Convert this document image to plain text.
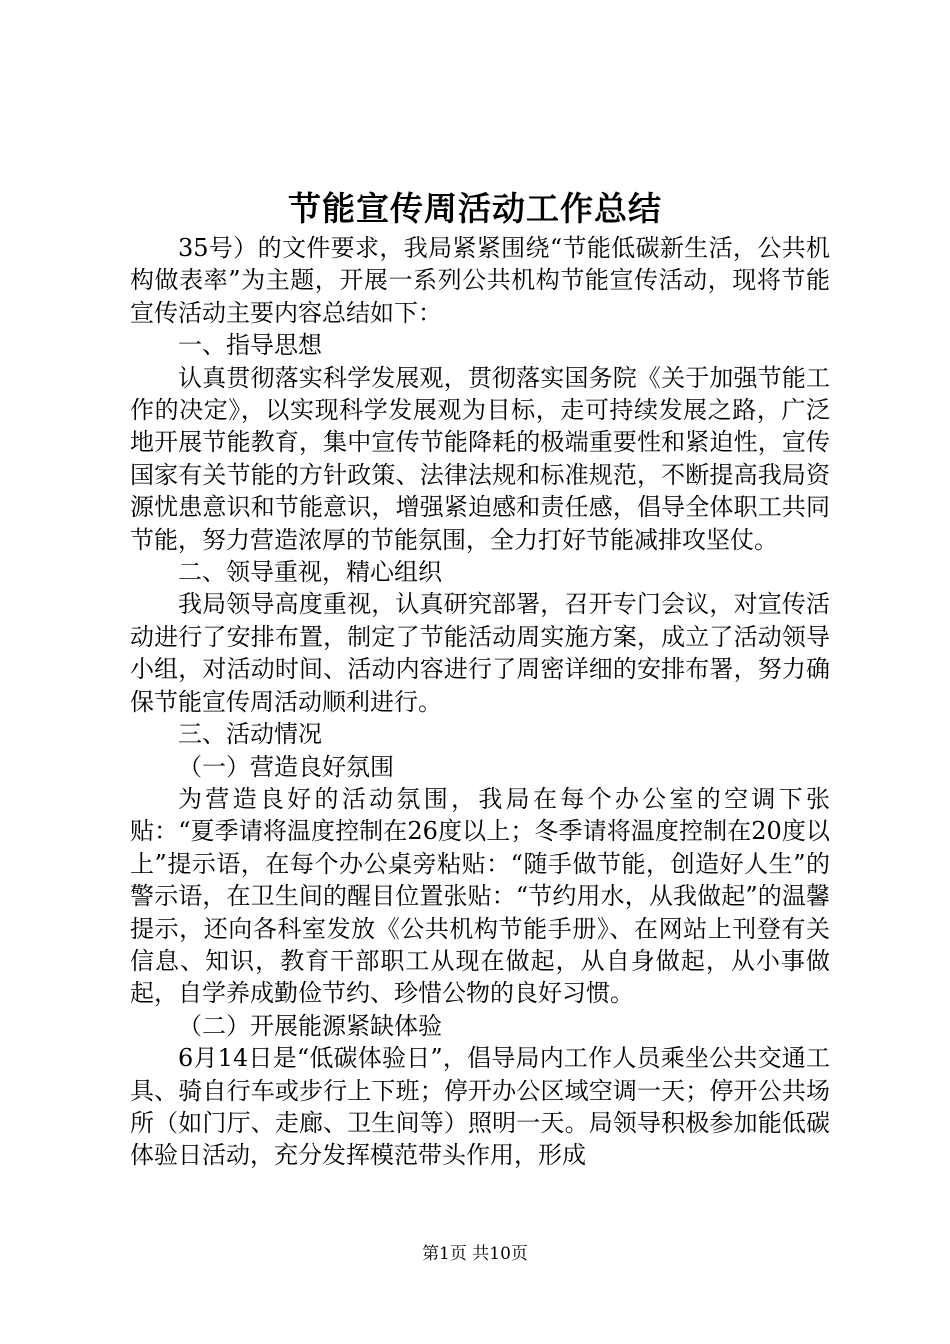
节能宣传周活动工作总结

35号）的文件要求，我局紧紧围绕“节能低碳新生活，公共机构做表率”为主题，开展一系列公共机构节能宣传活动，现将节能宣传活动主要内容总结如下：

一、指导思想

认真贯彻落实科学发展观，贯彻落实国务院《关于加强节能工作的决定》，以实现科学发展观为目标，走可持续发展之路，广泛地开展节能教育，集中宣传节能降耗的极端重要性和紧迫性，宣传国家有关节能的方针政策、法律法规和标准规范，不断提高我局资源忧患意识和节能意识，增强紧迫感和责任感，倡导全体职工共同节能，努力营造浓厚的节能氛围，全力打好节能减排攻坚仗。

二、领导重视，精心组织

我局领导高度重视，认真研究部署，召开专门会议，对宣传活动进行了安排布置，制定了节能活动周实施方案，成立了活动领导小组，对活动时间、活动内容进行了周密详细的安排布署，努力确保节能宣传周活动顺利进行。

三、活动情况

（一）营造良好氛围

为营造良好的活动氛围，我局在每个办公室的空调下张贴：“夏季请将温度控制在26度以上；冬季请将温度控制在20度以上”提示语，在每个办公桌旁粘贴：“随手做节能，创造好人生”的警示语，在卫生间的醒目位置张贴：“节约用水，从我做起”的温馨提示，还向各科室发放《公共机构节能手册》、在网站上刊登有关信息、知识，教育干部职工从现在做起，从自身做起，从小事做起，自学养成勤俭节约、珍惜公物的良好习惯。

（二）开展能源紧缺体验

6月14日是“低碳体验日”，倡导局内工作人员乘坐公共交通工具、骑自行车或步行上下班；停开办公区域空调一天；停开公共场所（如门厅、走廊、卫生间等）照明一天。局领导积极参加能低碳体验日活动，充分发挥模范带头作用，形成

第1页 共10页
